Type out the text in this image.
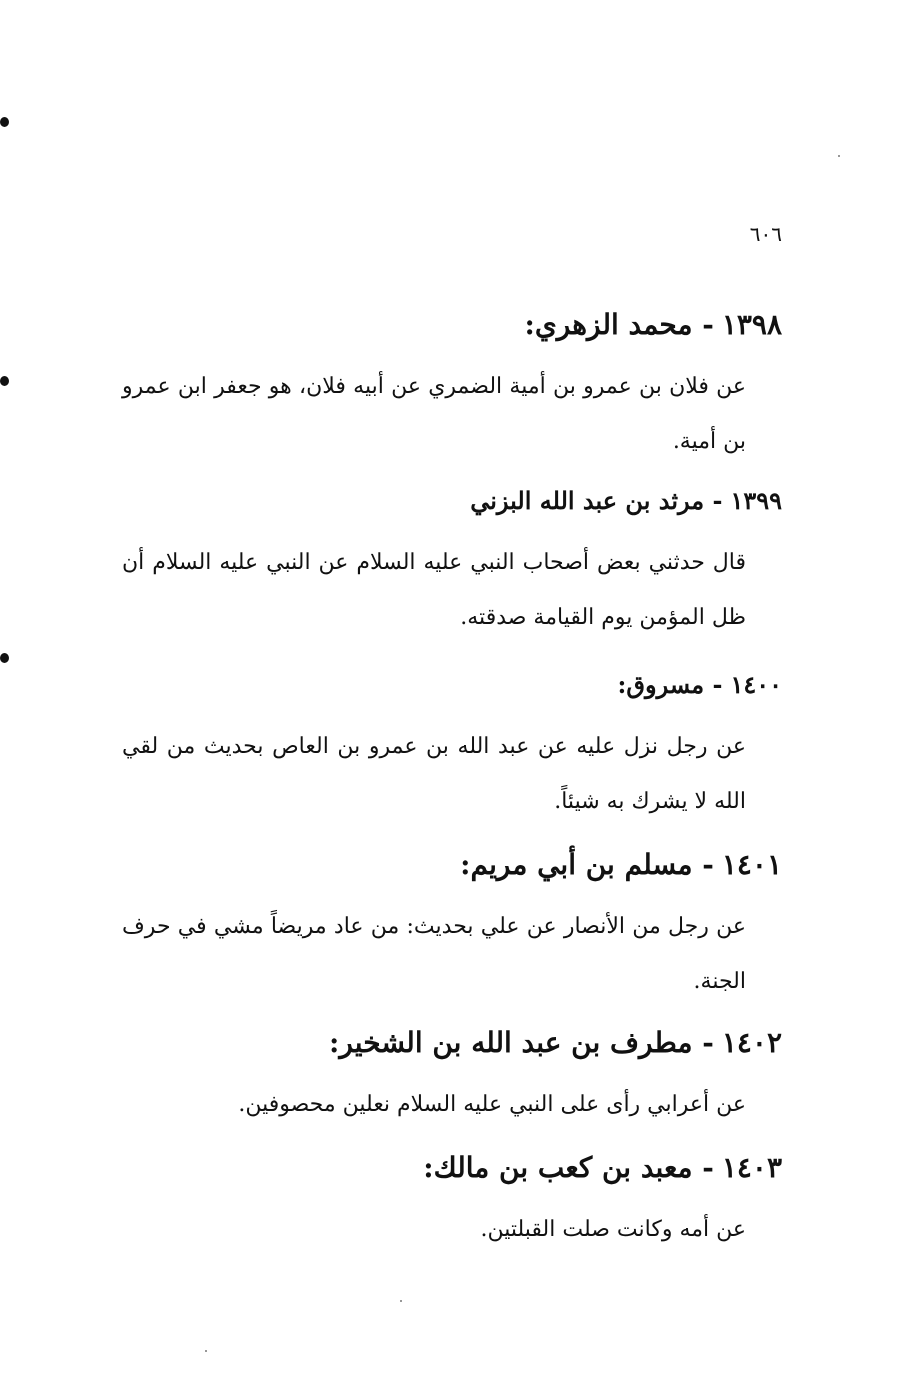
٦٠٦
١٣٩٨- محمد الزهري:
عن فلان بن عمرو بن أمية الضمري عن أبيه فلان، هو جعفر ابن عمرو بن أمية.
١٣٩٩- مرثد بن عبد الله البزني
قال حدثني بعض أصحاب النبي عليه السلام عن النبي عليه السلام أن ظل المؤمن يوم القيامة صدقته.
١٤٠٠- مسروق:
عن رجل نزل عليه عن عبد الله بن عمرو بن العاص بحديث من لقي الله لا يشرك به شيئاً.
١٤٠١- مسلم بن أبي مريم:
عن رجل من الأنصار عن علي بحديث: من عاد مريضاً مشي في حرف الجنة.
١٤٠٢- مطرف بن عبد الله بن الشخير:
عن أعرابي رأى على النبي عليه السلام نعلين محصوفين.
١٤٠٣- معبد بن كعب بن مالك:
عن أمه وكانت صلت القبلتين.
